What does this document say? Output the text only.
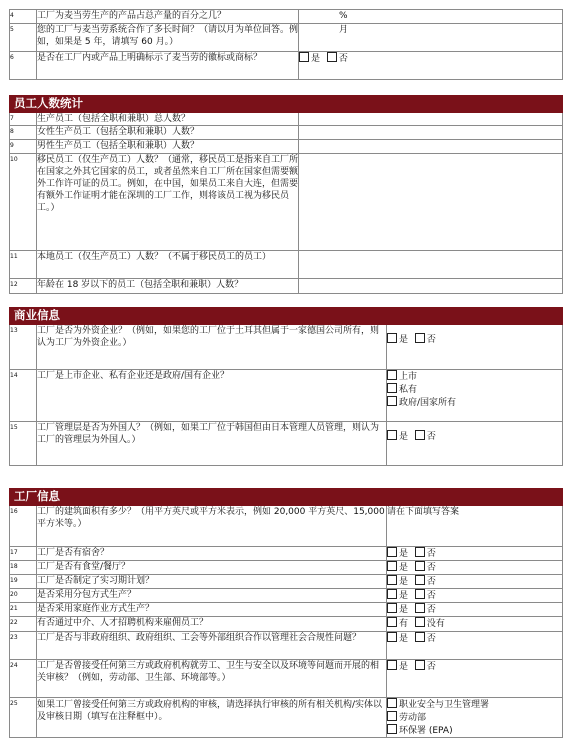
4	工厂为麦当劳生产的产品占总产量的百分之几？	%
5	您的工厂与麦当劳系统合作了多长时间？（请以月为单位回答。例如，如果是 5 年，请填写 60 月。）	月
6	是否在工厂内或产品上明确标示了麦当劳的徽标或商标？	是 否
员工人数统计		
7	生产员工（包括全职和兼职）总人数？	
8	女性生产员工（包括全职和兼职）人数？	
9	男性生产员工（包括全职和兼职）人数？	
10	移民员工（仅生产员工）人数？（通常，移民员工是指来自工厂所在国家之外其它国家的员工，或者虽然来自工厂所在国家但需要额外工作许可证的员工。例如，在中国，如果员工来自大连，但需要有额外工作证明才能在深圳的工厂工作，则将该员工视为移民员工。）	
11	本地员工（仅生产员工）人数？（不属于移民员工的员工）	
12	年龄在 18 岁以下的员工（包括全职和兼职）人数？	
商业信息		
13	工厂是否为外资企业？（例如，如果您的工厂位于土耳其但属于一家德国公司所有，则认为工厂为外资企业。）	是 否
14	工厂是上市企业、私有企业还是政府/国有企业？	上市
私有
政府/国家所有

15	工厂管理层是否为外国人？（例如，如果工厂位于韩国但由日本管理人员管理，则认为工厂的管理层为外国人。）	是 否
工厂信息		
16	工厂的建筑面积有多少？（用平方英尺或平方米表示，例如 20,000 平方英尺、15,000 平方米等。）	请在下面填写答案
17	工厂是否有宿舍？	是 否
18	工厂是否有食堂/餐厅？	是 否
19	工厂是否制定了实习期计划？	是 否
20	是否采用分包方式生产？	是 否
21	是否采用家庭作业方式生产？	是 否
22	有否通过中介、人才招聘机构来雇佣员工？	有 没有
23	工厂是否与非政府组织、政府组织、工会等外部组织合作以管理社会合规性问题？	是 否
24	工厂是否曾接受任何第三方或政府机构就劳工、卫生与安全以及环境等问题而开展的相关审核？（例如，劳动部、卫生部、环境部等。）	是 否
25	如果工厂曾接受任何第三方或政府机构的审核，请选择执行审核的所有相关机构/实体以及审核日期（填写在注释框中）。	职业安全与卫生管理署
劳动部
环保署 (EPA)
